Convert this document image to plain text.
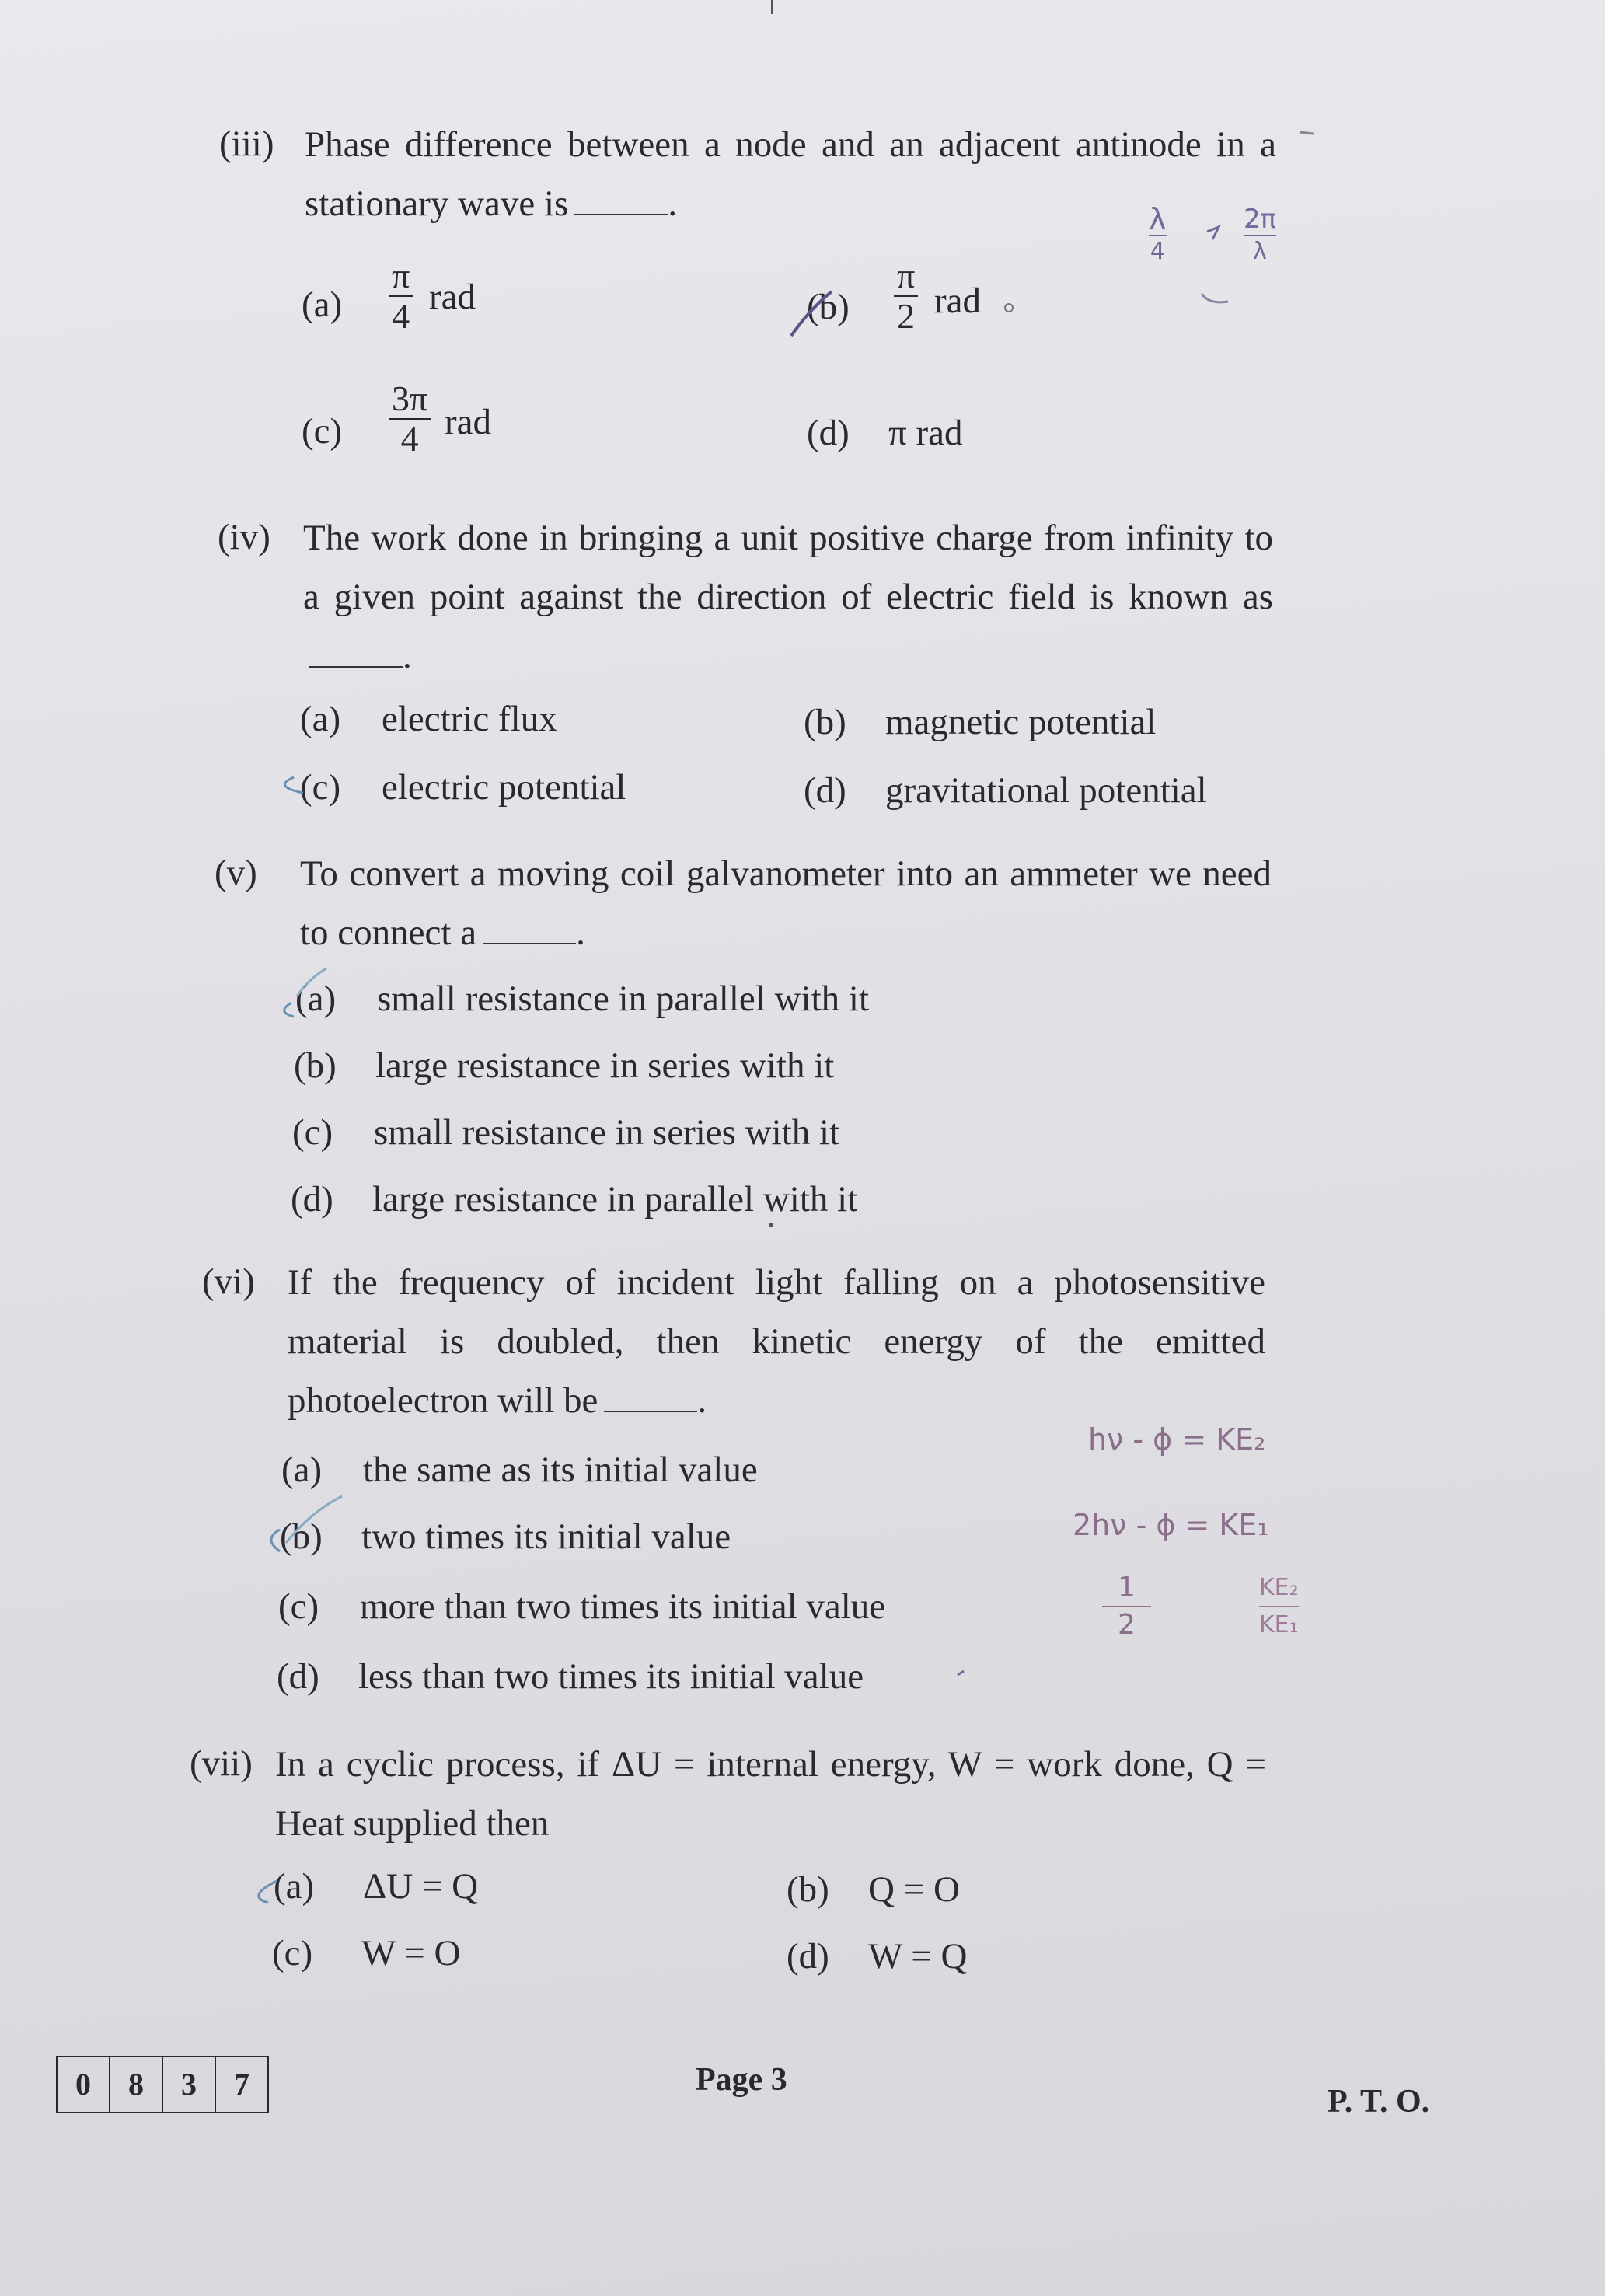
(iii) Phase difference between a node and an adjacent antinode in a stationary wave is	.
$(a) \frac{\pi}{4}$ rad	$(b) \frac{\pi}{2}$ rad
$(c) \frac{3\pi}{4}$ rad	(d) π rad
(iv) The work done in bringing a unit positive charge from infinity to a given point against the direction of electric field is known as.
(a) electric flux	(b) magnetic potential
(c) electric potential	(d) gravitational potential
(v) To convert a moving coil galvanometer into an ammeter we need to connect a	.
(a) small resistance in parallel with it
(b) large resistance in series with it
(c) small resistance in series with it
(d) large resistance in parallel with it
(vi) If the frequency of incident light falling on a photosensitive material is doubled, then kinetic energy of the emitted photoelectron will be	.
(a) the same as its initial value
(b) two times its initial value
(c) more than two times its initial value
(d) less than two times its initial value
(vii) In a cyclic process, if ΔU = internal energy, W = work done, Q = Heat supplied then
(a) ΔU = Q	(b) Q = O
(c) W = O	(d) W = Q
0	8	3	7	Page 3
P. T. O.
λ
4
2π
λ
hν - ϕ = KE₂
2hν - ϕ = KE₁
1
2
KE₂
KE₁
